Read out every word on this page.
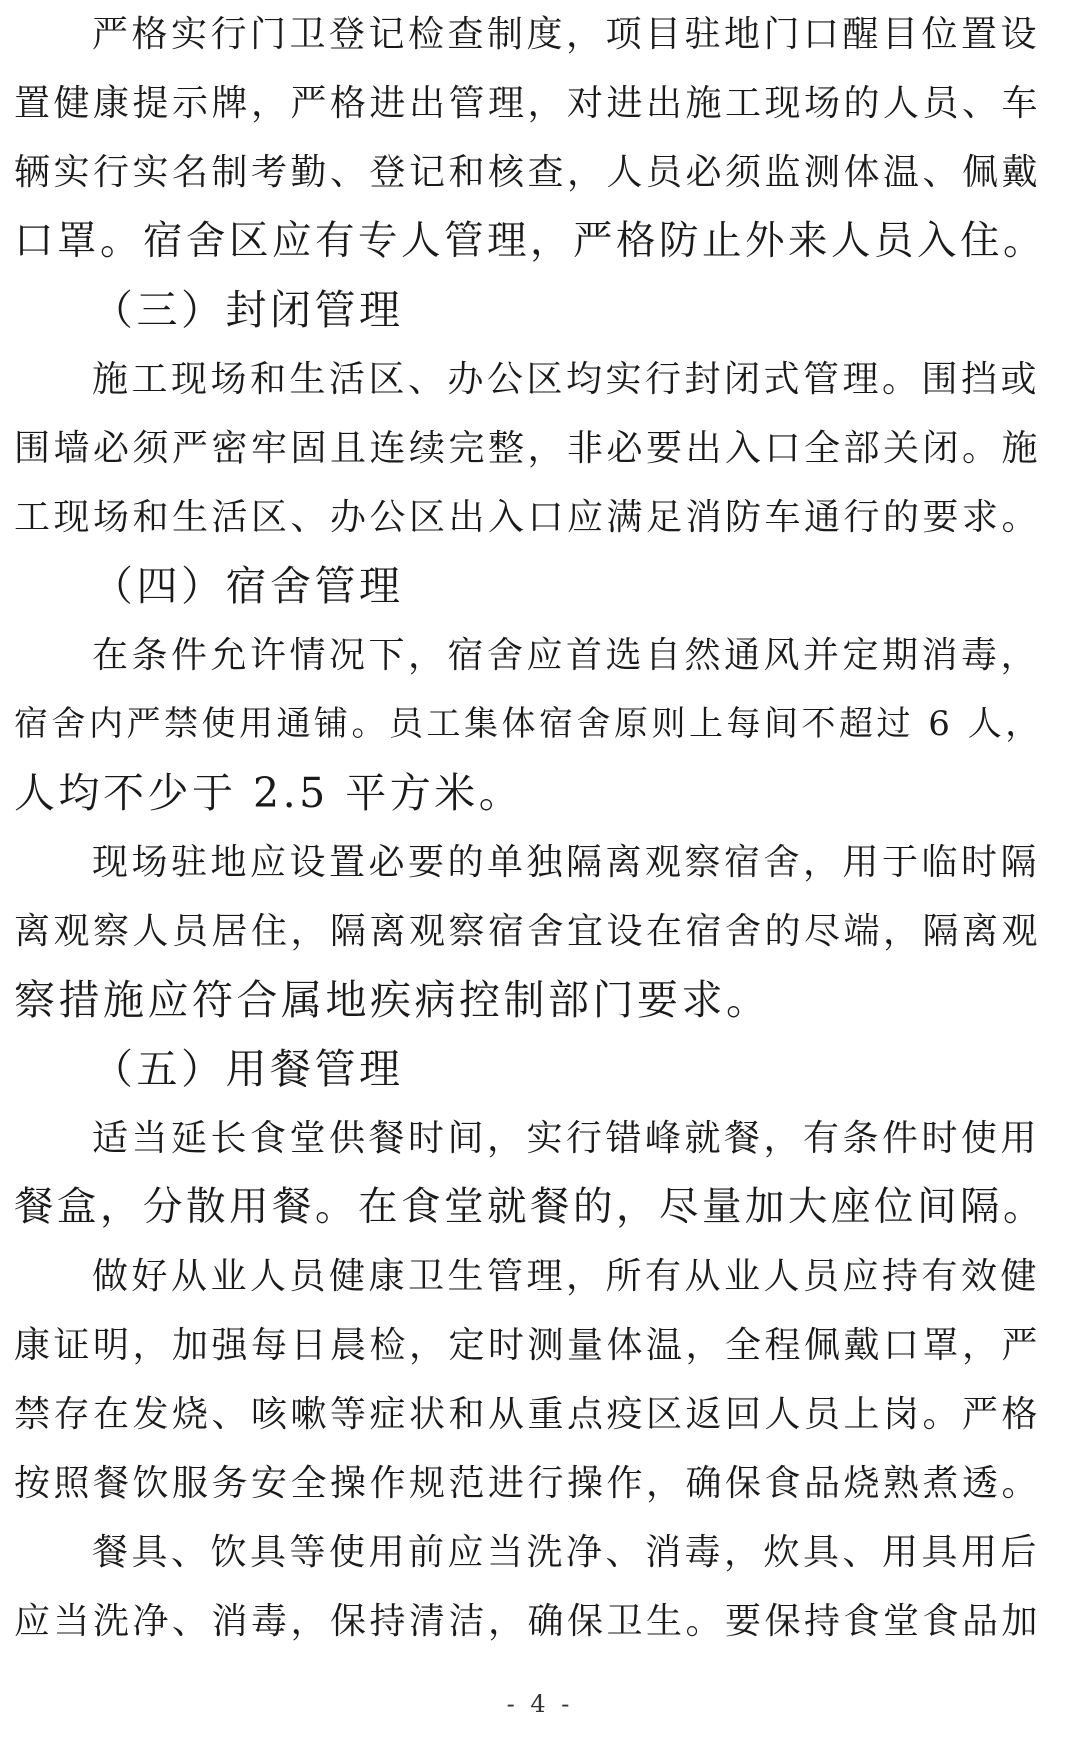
严格实行门卫登记检查制度，项目驻地门口醒目位置设
置健康提示牌，严格进出管理，对进出施工现场的人员、车
辆实行实名制考勤、登记和核查，人员必须监测体温、佩戴
口罩。宿舍区应有专人管理，严格防止外来人员入住。
（三）封闭管理
施工现场和生活区、办公区均实行封闭式管理。围挡或
围墙必须严密牢固且连续完整，非必要出入口全部关闭。施
工现场和生活区、办公区出入口应满足消防车通行的要求。
（四）宿舍管理
在条件允许情况下，宿舍应首选自然通风并定期消毒，
宿舍内严禁使用通铺。员工集体宿舍原则上每间不超过 6 人，
人均不少于 2.5 平方米。
现场驻地应设置必要的单独隔离观察宿舍，用于临时隔
离观察人员居住，隔离观察宿舍宜设在宿舍的尽端，隔离观
察措施应符合属地疾病控制部门要求。
（五）用餐管理
适当延长食堂供餐时间，实行错峰就餐，有条件时使用
餐盒，分散用餐。在食堂就餐的，尽量加大座位间隔。
做好从业人员健康卫生管理，所有从业人员应持有效健
康证明，加强每日晨检，定时测量体温，全程佩戴口罩，严
禁存在发烧、咳嗽等症状和从重点疫区返回人员上岗。严格
按照餐饮服务安全操作规范进行操作，确保食品烧熟煮透。
餐具、饮具等使用前应当洗净、消毒，炊具、用具用后
应当洗净、消毒，保持清洁，确保卫生。要保持食堂食品加
- 4 -
